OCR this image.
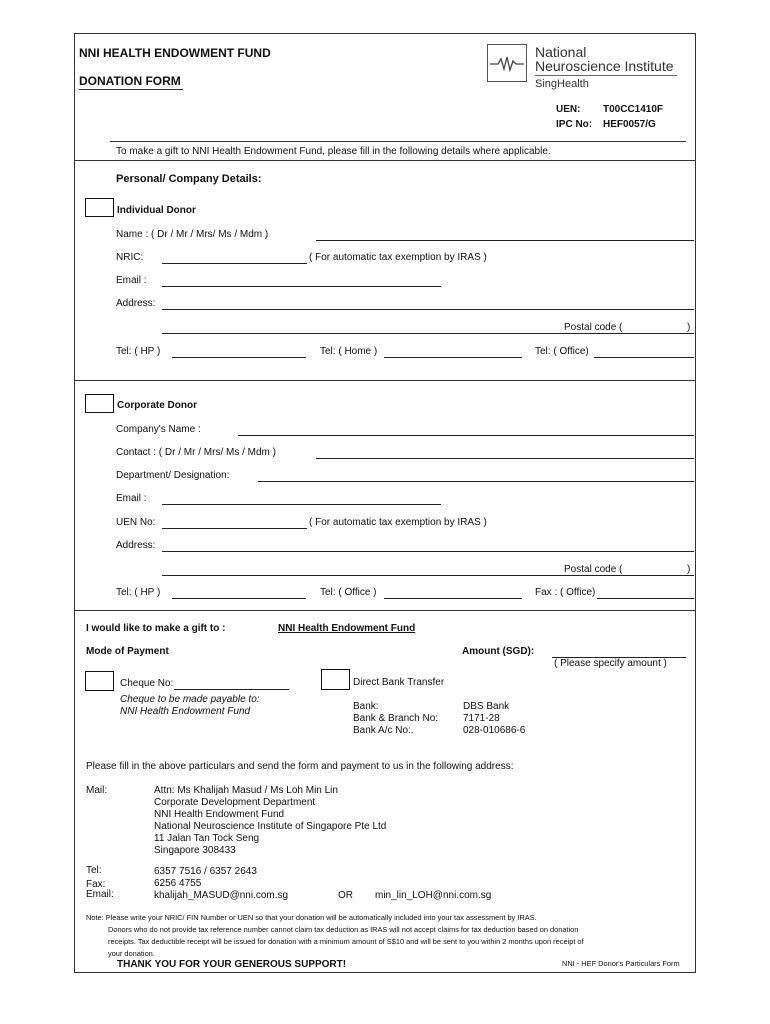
NNI HEALTH ENDOWMENT FUND
DONATION FORM
National
Neuroscience Institute
SingHealth
UEN: T00CC1410F
IPC No: HEF0057/G
To make a gift to NNI Health Endowment Fund, please fill in the following details where applicable.
Personal/ Company Details:
Individual Donor
Name : ( Dr / Mr / Mrs/ Ms / Mdm )
NRIC:	( For automatic tax exemption by IRAS )
Email :
Address:
Postal code (	)
Tel: ( HP )	Tel: ( Home )	Tel: ( Office)
Corporate Donor
Company's Name :
Contact : ( Dr / Mr / Mrs/ Ms / Mdm )
Department/ Designation:
Email :
UEN No:	( For automatic tax exemption by IRAS )
Address:
Postal code (	)
Tel: ( HP )	Tel: ( Office )	Fax : ( Office)
I would like to make a gift to :	NNI Health Endowment Fund
Mode of Payment	Amount (SGD):
( Please specify amount )
Cheque No:
Cheque to be made payable to:
NNI Health Endowment Fund
Direct Bank Transfer
Bank:	DBS Bank
Bank & Branch No: 7171-28
Bank A/c No:.	028-010686-6
Please fill in the above particulars and send the form and payment to us in the following address:
Mail:	Attn: Ms Khalijah Masud / Ms Loh Min Lin
Corporate Development Department
NNI Health Endowment Fund
National Neuroscience Institute of Singapore Pte Ltd
11 Jalan Tan Tock Seng
Singapore 308433
Tel:	6357 7516 / 6357 2643
Fax:	6256 4755
Email:	khalijah_MASUD@nni.com.sg	OR min_lin_LOH@nni.com.sg
Note: Please write your NRIC/ FIN Number or UEN so that your donation will be automatically included into your tax assessment by IRAS.
Donors who do not provide tax reference number cannot claim tax deduction as IRAS will not accept claims for tax deduction based on donation
receipts. Tax deductible receipt will be issued for donation with a minimum amount of S$10 and will be sent to you within 2 months upon receipt of
your donation.
THANK YOU FOR YOUR GENEROUS SUPPORT!	NNI - HEF Donor's Particulars Form
